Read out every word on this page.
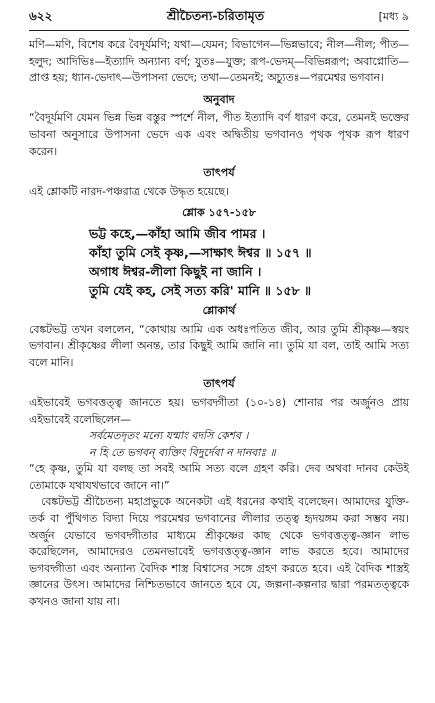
৬২২	শ্রীচৈতন্য-চরিতামৃত	[মধ্য ৯

মণি—মণি, বিশেষ করে বৈদূর্যমণি; যথা—যেমন; বিভাগেন—ভিন্নভাবে; নীল—নীল; পীত—হলুদ; আদিভিঃ—ইত্যাদি অন্যান্য বর্ণ; যুতঃ—যুক্ত; রূপ-ভেদম্—বিভিন্নরূপ; অবাপ্নোতি—প্রাপ্ত হয়; ধ্যান-ভেদাৎ—উপাসনা ভেদে; তথা—তেমনই; অচ্যুতঃ—পরমেশ্বর ভগবান।

অনুবাদ

“বৈদূর্যমণি যেমন ভিন্ন ভিন্ন বস্তুর স্পর্শে নীল, পীত ইত্যাদি বর্ণ ধারণ করে, তেমনই ভক্তের ভাবনা অনুসারে উপাসনা ভেদে এক এবং অদ্বিতীয় ভগবানও পৃথক পৃথক রূপ ধারণ করেন।

তাৎপর্য

এই শ্লোকটি নারদ-পঞ্চরাত্র থেকে উদ্ধৃত হয়েছে।

শ্লোক ১৫৭-১৫৮
ভট্ট কহে,—কাঁহা আমি জীব পামর ।
কাঁহা তুমি সেই কৃষ্ণ,—সাক্ষাৎ ঈশ্বর ॥ ১৫৭ ॥
অগাধ ঈশ্বর-লীলা কিছুই না জানি ।
তুমি যেই কহ, সেই সত্য করি' মানি ॥ ১৫৮ ॥
শ্লোকার্থ

বেঙ্কটভট্ট তখন বললেন, “কোথায় আমি এক অধঃপতিত জীব, আর তুমি শ্রীকৃষ্ণ—স্বয়ং ভগবান। শ্রীকৃষ্ণের লীলা অনন্ত, তার কিছুই আমি জানি না। তুমি যা বল, তাই আমি সত্য বলে মানি।

তাৎপর্য

এইভাবেই ভগবত্তত্ত্ব জানতে হয়। ভগবদ্গীতা (১০-১৪) শোনার পর অর্জুনও প্রায় এইভাবেই বলেছিলেন—

সর্বমেতদৃতং মন্যে যন্মাং বদসি কেশব ।
ন হি তে ভগবন্ ব্যক্তিং বিদুর্দেবা ন দানবাঃ ॥

“হে কৃষ্ণ, তুমি যা বলছ তা সবই আমি সত্য বলে গ্রহণ করি। দেব অথবা দানব কেউই তোমাকে যথাযথভাবে জানে না।”

বেঙ্কটভট্ট শ্রীচৈতন্য মহাপ্রভুকে অনেকটা এই ধরনের কথাই বলেছেন। আমাদের যুক্তি-তর্ক বা পুঁথিগত বিদ্যা দিয়ে পরমেশ্বর ভগবানের লীলার তত্ত্ব হৃদয়ঙ্গম করা সম্ভব নয়। অর্জুন যেভাবে ভগবদ্গীতার মাধ্যমে শ্রীকৃষ্ণের কাছ থেকে ভগবত্তত্ত্ব-জ্ঞান লাভ করেছিলেন, আমাদেরও তেমনভাবেই ভগবত্তত্ত্ব-জ্ঞান লাভ করতে হবে। আমাদের ভগবদ্গীতা এবং অন্যান্য বৈদিক শাস্ত্র বিশ্বাসের সঙ্গে গ্রহণ করতে হবে। এই বৈদিক শাস্ত্রই জ্ঞানের উৎস। আমাদের নিশ্চিতভাবে জানতে হবে যে, জল্পনা-কল্পনার দ্বারা পরমতত্ত্বকে কখনও জানা যায় না।
